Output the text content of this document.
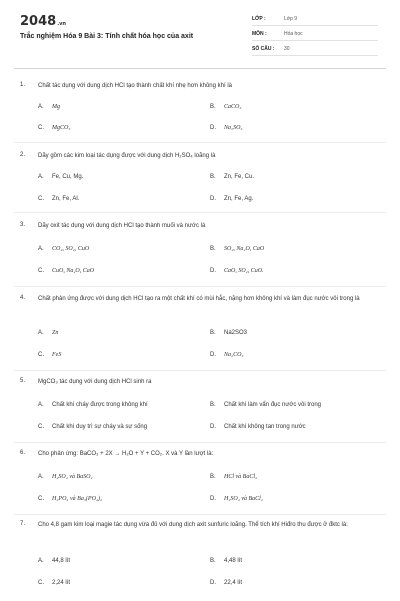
2048.vn
Trắc nghiệm Hóa 9 Bài 3: Tính chất hóa học của axit
LỚP :	Lớp 9
MÔN :	Hóa học
SỐ CÂU : 30
1. Chất tác dụng với dung dịch HCl tạo thành chất khí nhẹ hơn không khí là
A. Mg	B. CaCO₃
C. MgCO₃	D. Na₂SO₃
2. Dãy gồm các kim loại tác dụng được với dung dịch H₂SO₄ loãng là
A. Fe, Cu, Mg.	B. Zn, Fe, Cu.
C. Zn, Fe, Al.	D. Zn, Fe, Ag.
3. Dãy oxit tác dụng với dung dịch HCl tạo thành muối và nước là
A. CO₂, SO₂, CuO	B. SO₂, Na₂O, CaO
C. CuO, Na₂O, CaO	D. CaO, SO₂, CuO.
4. Chất phản ứng được với dung dịch HCl tạo ra một chất khí có mùi hắc, nặng hơn không khí và làm đục nước vôi trong là
A. Zn	B. Na2SO3
C. FeS	D. Na₂CO₃
5. MgCO₃ tác dụng với dung dịch HCl sinh ra
A. Chất khí cháy được trong không khí	B. Chất khí làm vẩn đục nước vôi trong
C. Chất khí duy trì sự cháy và sự sống	D. Chất khí không tan trong nước
6. Cho phản ứng: BaCO₃ + 2X → H₂O + Y + CO₂. X và Y lần lượt là:
A. H₂SO₄ và BaSO₄	B. HCl và BaCl₂
C. H₃PO₄ và Ba₃(PO₄)₂	D. H₂SO₄ và BaCl₂
7. Cho 4,8 gam kim loại magie tác dụng vừa đủ với dung dịch axit sunfuric loãng. Thể tích khí Hiđro thu được ở đktc là:
A. 44,8 lít	B. 4,48 lít
C. 2,24 lít	D. 22,4 lít
